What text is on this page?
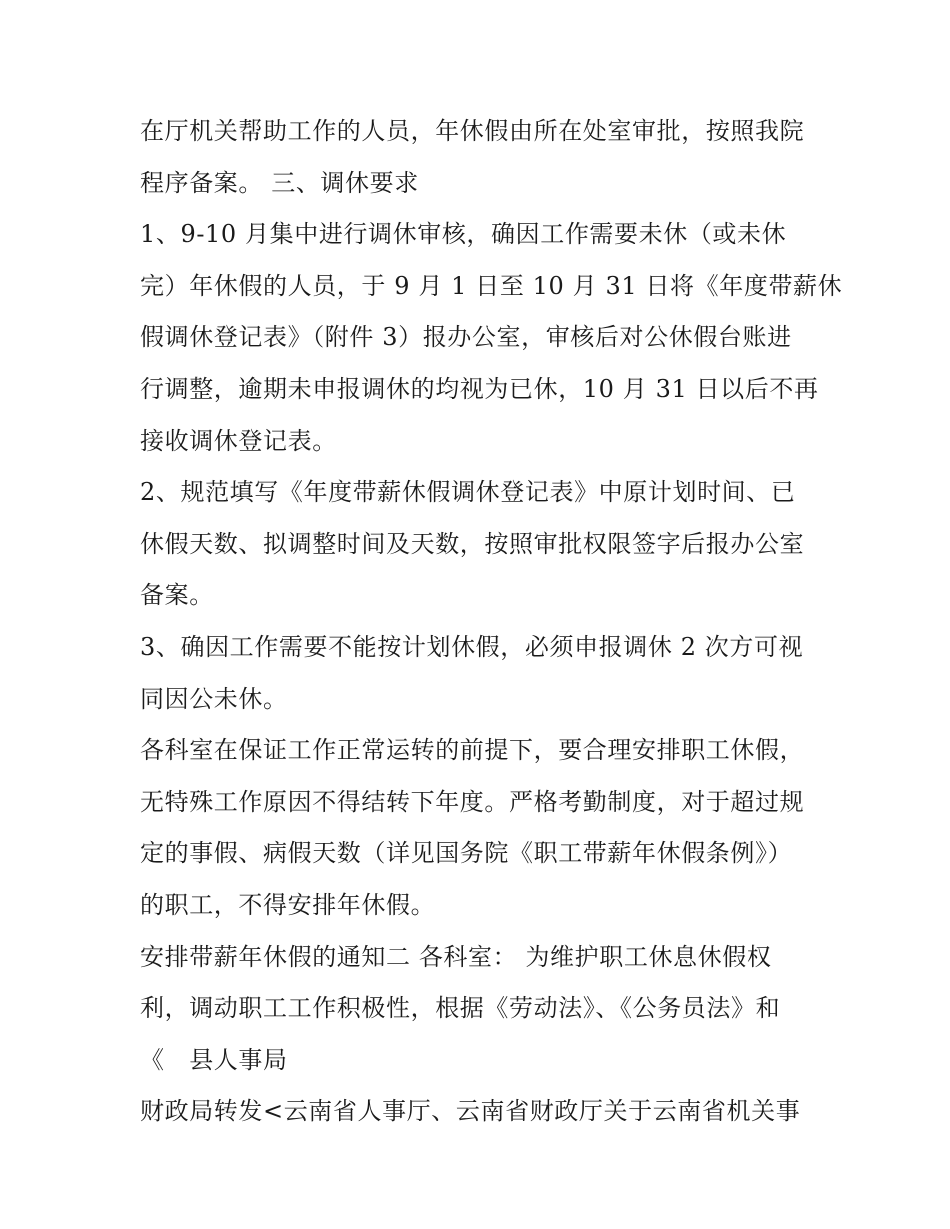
在厅机关帮助工作的人员，年休假由所在处室审批，按照我院
程序备案。 三、调休要求
1、9-10 月集中进行调休审核，确因工作需要未休（或未休
完）年休假的人员，于 9 月 1 日至 10 月 31 日将《年度带薪休
假调休登记表》（附件 3）报办公室，审核后对公休假台账进
行调整，逾期未申报调休的均视为已休，10 月 31 日以后不再
接收调休登记表。
2、规范填写《年度带薪休假调休登记表》中原计划时间、已
休假天数、拟调整时间及天数，按照审批权限签字后报办公室
备案。
3、确因工作需要不能按计划休假，必须申报调休 2 次方可视
同因公未休。
各科室在保证工作正常运转的前提下，要合理安排职工休假，
无特殊工作原因不得结转下年度。严格考勤制度，对于超过规
定的事假、病假天数（详见国务院《职工带薪年休假条例》）
的职工，不得安排年休假。
安排带薪年休假的通知二 各科室： 为维护职工休息休假权
利，调动职工工作积极性，根据《劳动法》、《公务员法》和
《　县人事局
财政局转发<云南省人事厅、云南省财政厅关于云南省机关事
